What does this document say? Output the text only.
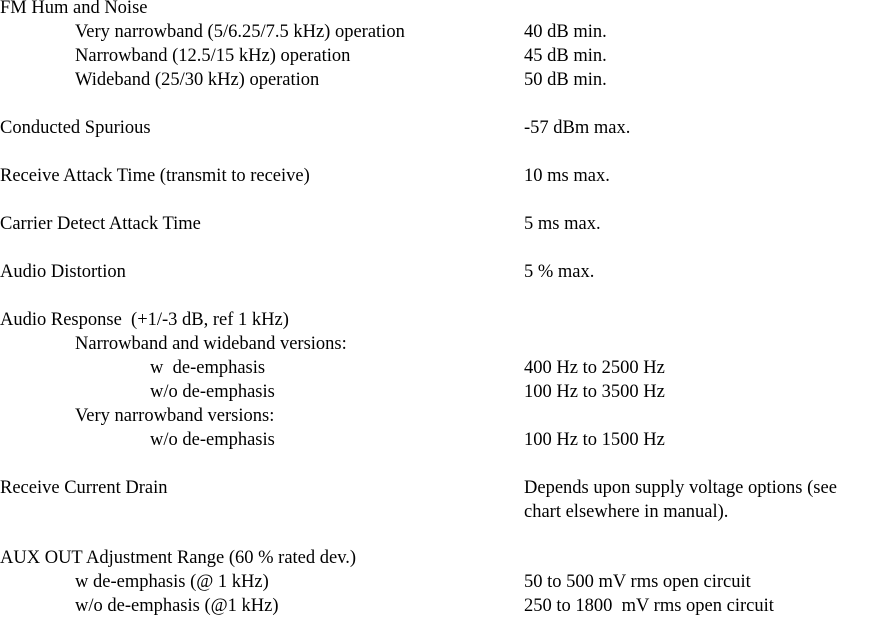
FM Hum and Noise
Very narrowband (5/6.25/7.5 kHz) operation	40 dB min.
Narrowband (12.5/15 kHz) operation	45 dB min.
Wideband (25/30 kHz) operation	50 dB min.
Conducted Spurious	-57 dBm max.
Receive Attack Time (transmit to receive)	10 ms max.
Carrier Detect Attack Time	5 ms max.
Audio Distortion	5 % max.
Audio Response  (+1/-3 dB, ref 1 kHz)
Narrowband and wideband versions:
w  de-emphasis	400 Hz to 2500 Hz
w/o de-emphasis	100 Hz to 3500 Hz
Very narrowband versions:
w/o de-emphasis	100 Hz to 1500 Hz
Receive Current Drain	Depends upon supply voltage options (see
chart elsewhere in manual).
AUX OUT Adjustment Range (60 % rated dev.)
w de-emphasis (@ 1 kHz)	50 to 500 mV rms open circuit
w/o de-emphasis (@1 kHz)	250 to 1800  mV rms open circuit
